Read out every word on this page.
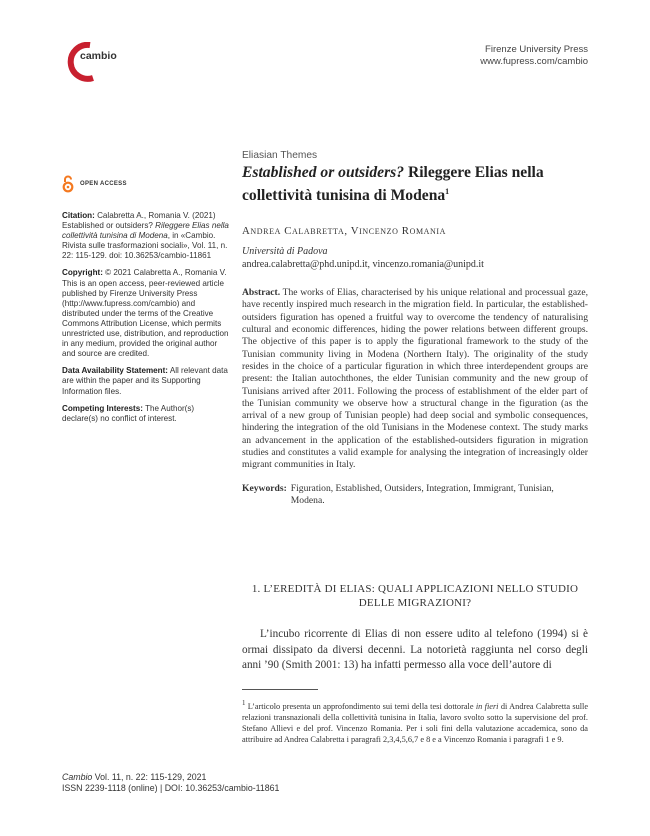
cambio
Firenze University Press
www.fupress.com/cambio
OPEN ACCESS

Citation: Calabretta A., Romania V. (2021) Established or outsiders? Rileggere Elias nella collettività tunisina di Modena, in «Cambio. Rivista sulle trasformazioni sociali», Vol. 11, n. 22: 115-129. doi: 10.36253/cambio-11861

Copyright: © 2021 Calabretta A., Romania V. This is an open access, peer-reviewed article published by Firenze University Press (http://www.fupress.com/cambio) and distributed under the terms of the Creative Commons Attribution License, which permits unrestricted use, distribution, and reproduction in any medium, provided the original author and source are credited.

Data Availability Statement: All relevant data are within the paper and its Supporting Information files.

Competing Interests: The Author(s) declare(s) no conflict of interest.

Eliasian Themes
Established or outsiders? Rileggere Elias nella collettività tunisina di Modena$^1$
Andrea Calabretta, Vincenzo Romania
Università di Padova
andrea.calabretta@phd.unipd.it, vincenzo.romania@unipd.it
Abstract. The works of Elias, characterised by his unique relational and processual gaze, have recently inspired much research in the migration field. In particular, the established-outsiders figuration has opened a fruitful way to overcome the tendency of naturalising cultural and economic differences, hiding the power relations between different groups. The objective of this paper is to apply the figurational framework to the study of the Tunisian community living in Modena (Northern Italy). The originality of the study resides in the choice of a particular figuration in which three interdependent groups are present: the Italian autochthones, the elder Tunisian community and the new group of Tunisians arrived after 2011. Following the process of establishment of the elder part of the Tunisian community we observe how a structural change in the figuration (as the arrival of a new group of Tunisian people) had deep social and symbolic consequences, hindering the integration of the old Tunisians in the Modenese context. The study marks an advancement in the application of the established-outsiders figuration in migration studies and constitutes a valid example for analysing the integration of increasingly older migrant communities in Italy.
Keywords: Figuration, Established, Outsiders, Integration, Immigrant, Tunisian, Modena.
1. L’EREDITÀ DI ELIAS: QUALI APPLICAZIONI NELLO STUDIO
DELLE MIGRAZIONI?
L’incubo ricorrente di Elias di non essere udito al telefono (1994) si è ormai dissipato da diversi decenni. La notorietà raggiunta nel corso degli anni ’90 (Smith 2001: 13) ha infatti permesso alla voce dell’autore di
$^1$ L’articolo presenta un approfondimento sui temi della tesi dottorale in fieri di Andrea Calabretta sulle relazioni transnazionali della collettività tunisina in Italia, lavoro svolto sotto la supervisione del prof. Stefano Allievi e del prof. Vincenzo Romania. Per i soli fini della valutazione accademica, sono da attribuire ad Andrea Calabretta i paragrafi 2,3,4,5,6,7 e 8 e a Vincenzo Romania i paragrafi 1 e 9.
Cambio Vol. 11, n. 22: 115-129, 2021
ISSN 2239-1118 (online) | DOI: 10.36253/cambio-11861
